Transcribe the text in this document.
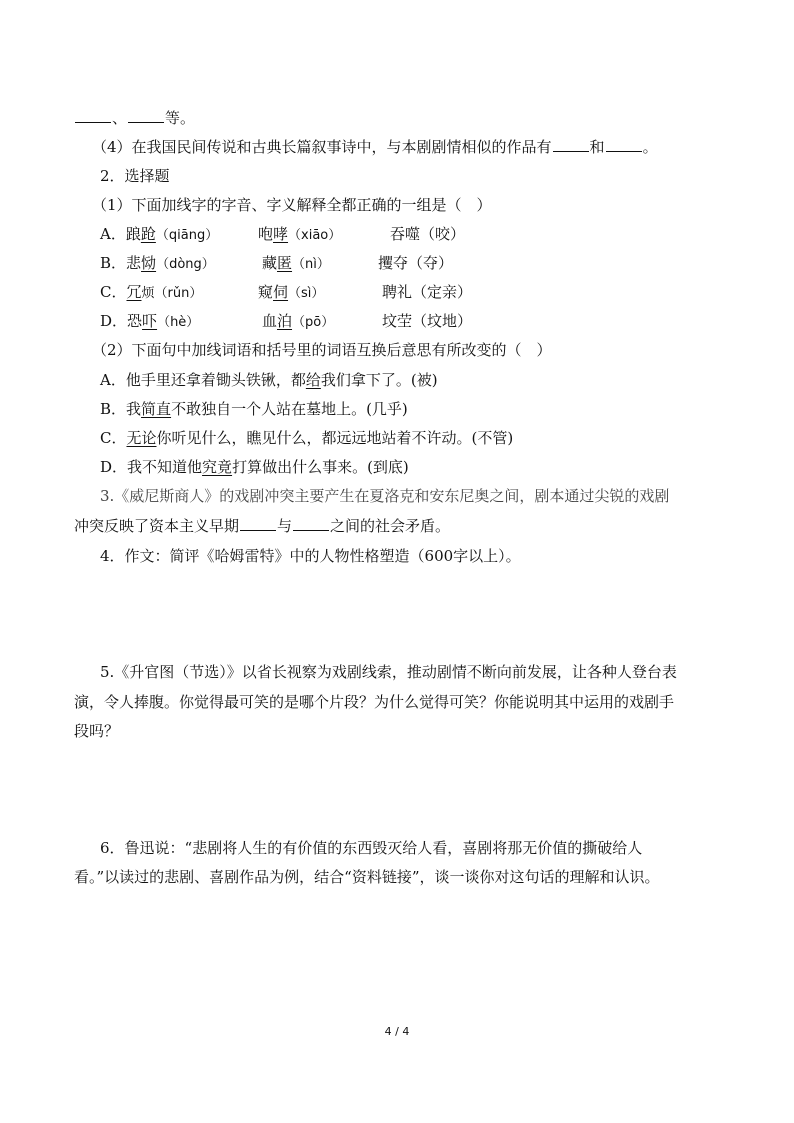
、	等。
（4）在我国民间传说和古典长篇叙事诗中，与本剧剧情相似的作品有	和	。
2．选择题
（1）下面加线字的字音、字义解释全都正确的一组是（　）
A．踉跄（qiāng）	咆哮（xiāo）	吞噬（咬）
B．悲恸（dòng）	藏匿（nì）	攫夺（夺）
C．冗烦（rǔn）	窥伺（sì）	聘礼（定亲）
D．恐吓（hè）	血泊（pō）	坟茔（坟地）
（2）下面句中加线词语和括号里的词语互换后意思有所改变的（　）
A．他手里还拿着锄头铁锹，都给我们拿下了。(被)
B．我简直不敢独自一个人站在墓地上。(几乎)
C．无论你听见什么，瞧见什么，都远远地站着不许动。(不管)
D．我不知道他究竟打算做出什么事来。(到底)
3.《威尼斯商人》的戏剧冲突主要产生在夏洛克和安东尼奥之间，剧本通过尖锐的戏剧
冲突反映了资本主义早期	与	之间的社会矛盾。
4．作文：简评《哈姆雷特》中的人物性格塑造（600字以上）。
5.《升官图（节选）》以省长视察为戏剧线索，推动剧情不断向前发展，让各种人登台表
演，令人捧腹。你觉得最可笑的是哪个片段？为什么觉得可笑？你能说明其中运用的戏剧手
段吗？
6．鲁迅说：“悲剧将人生的有价值的东西毁灭给人看，喜剧将那无价值的撕破给人
看。”以读过的悲剧、喜剧作品为例，结合“资料链接”，谈一谈你对这句话的理解和认识。
4 / 4
